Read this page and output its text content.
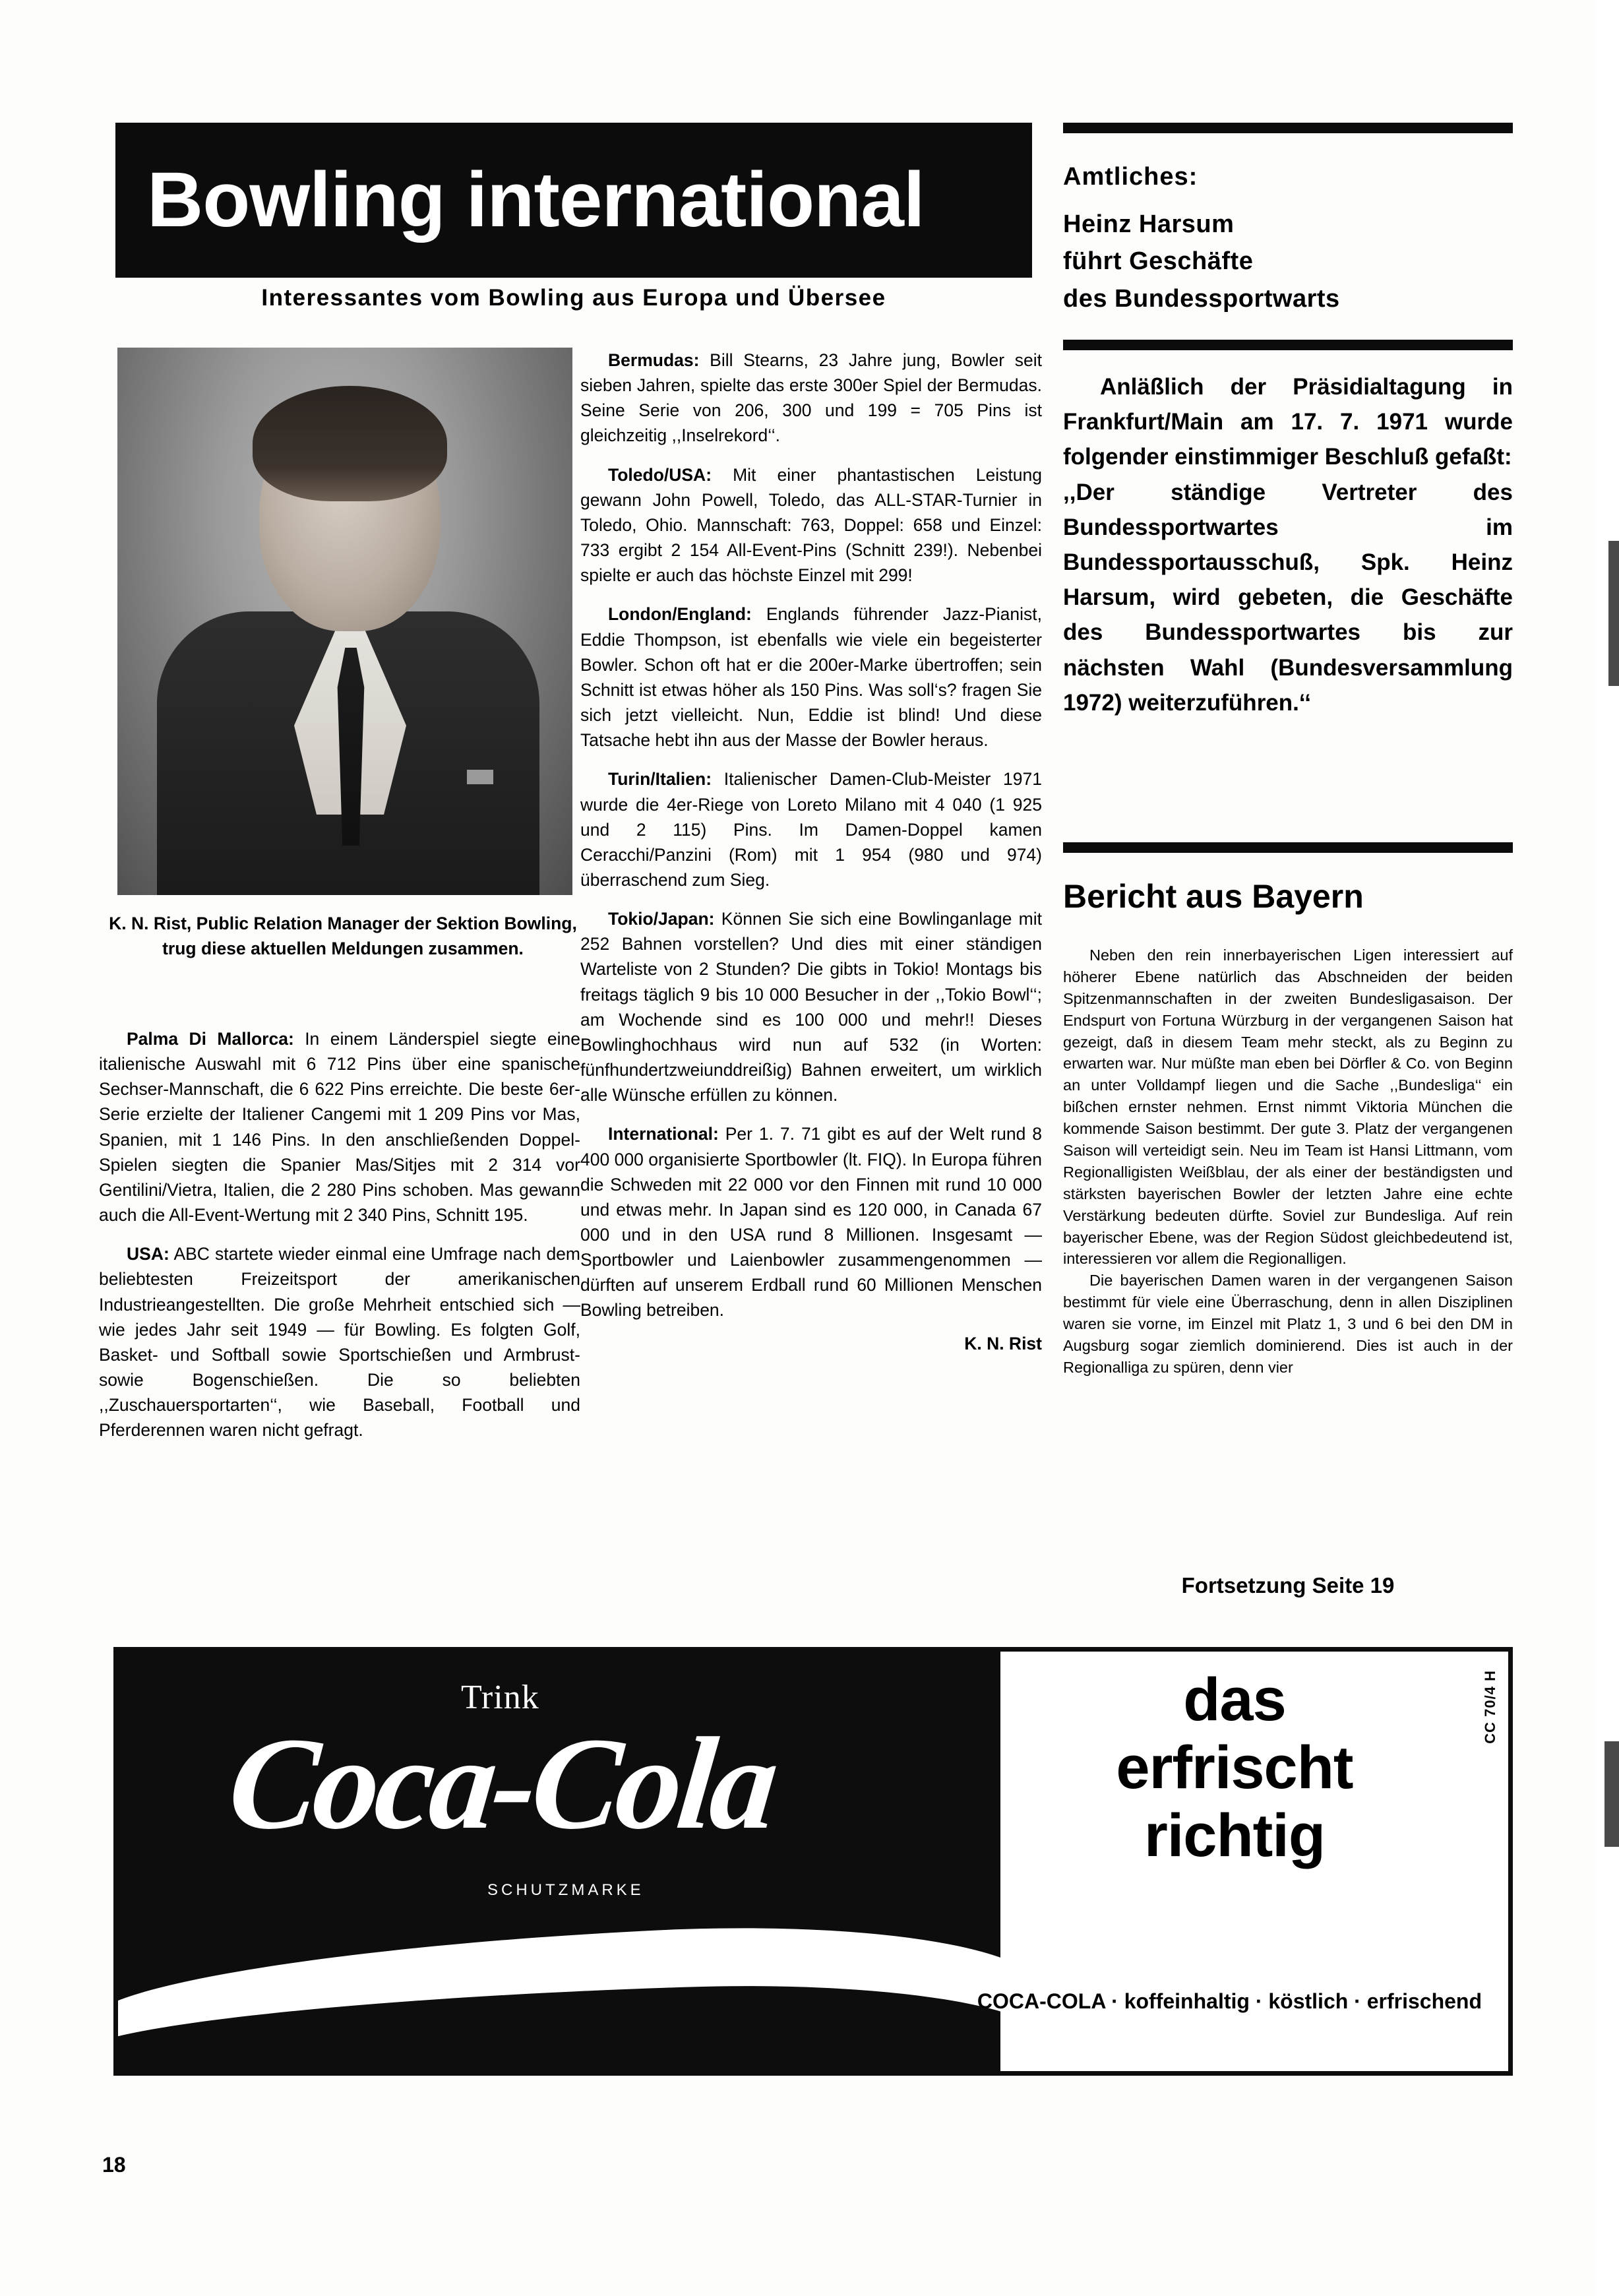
Bowling international
Interessantes vom Bowling aus Europa und Übersee
K. N. Rist, Public Relation Manager der Sektion Bowling, trug diese aktuellen Meldungen zusammen.

Palma Di Mallorca: In einem Länderspiel siegte eine italienische Auswahl mit 6 712 Pins über eine spanische Sechser-Mannschaft, die 6 622 Pins erreichte. Die beste 6er-Serie erzielte der Italiener Cangemi mit 1 209 Pins vor Mas, Spanien, mit 1 146 Pins. In den anschließenden Doppel-Spielen siegten die Spanier Mas/Sitjes mit 2 314 vor Gentilini/Vietra, Italien, die 2 280 Pins schoben. Mas gewann auch die All-Event-Wertung mit 2 340 Pins, Schnitt 195.

USA: ABC startete wieder einmal eine Umfrage nach dem beliebtesten Freizeitsport der amerikanischen Industrieangestellten. Die große Mehrheit entschied sich — wie jedes Jahr seit 1949 — für Bowling. Es folgten Golf, Basket- und Softball sowie Sportschießen und Armbrust- sowie Bogenschießen. Die so beliebten ,,Zuschauersportarten‘‘, wie Baseball, Football und Pferderennen waren nicht gefragt.

Bermudas: Bill Stearns, 23 Jahre jung, Bowler seit sieben Jahren, spielte das erste 300er Spiel der Bermudas. Seine Serie von 206, 300 und 199 = 705 Pins ist gleichzeitig ,,Inselrekord‘‘.

Toledo/USA: Mit einer phantastischen Leistung gewann John Powell, Toledo, das ALL-STAR-Turnier in Toledo, Ohio. Mannschaft: 763, Doppel: 658 und Einzel: 733 ergibt 2 154 All-Event-Pins (Schnitt 239!). Nebenbei spielte er auch das höchste Einzel mit 299!

London/England: Englands führender Jazz-Pianist, Eddie Thompson, ist ebenfalls wie viele ein begeisterter Bowler. Schon oft hat er die 200er-Marke übertroffen; sein Schnitt ist etwas höher als 150 Pins. Was soll‘s? fragen Sie sich jetzt vielleicht. Nun, Eddie ist blind! Und diese Tatsache hebt ihn aus der Masse der Bowler heraus.

Turin/Italien: Italienischer Damen-Club-Meister 1971 wurde die 4er-Riege von Loreto Milano mit 4 040 (1 925 und 2 115) Pins. Im Damen-Doppel kamen Ceracchi/Panzini (Rom) mit 1 954 (980 und 974) überraschend zum Sieg.

Tokio/Japan: Können Sie sich eine Bowlinganlage mit 252 Bahnen vorstellen? Und dies mit einer ständigen Warteliste von 2 Stunden? Die gibts in Tokio! Montags bis freitags täglich 9 bis 10 000 Besucher in der ,,Tokio Bowl‘‘; am Wochende sind es 100 000 und mehr!! Dieses Bowlinghochhaus wird nun auf 532 (in Worten: fünfhundertzweiunddreißig) Bahnen erweitert, um wirklich alle Wünsche erfüllen zu können.

International: Per 1. 7. 71 gibt es auf der Welt rund 8 400 000 organisierte Sportbowler (lt. FIQ). In Europa führen die Schweden mit 22 000 vor den Finnen mit rund 10 000 und etwas mehr. In Japan sind es 120 000, in Canada 67 000 und in den USA rund 8 Millionen. Insgesamt — Sportbowler und Laienbowler zusammengenommen — dürften auf unserem Erdball rund 60 Millionen Menschen Bowling betreiben.

K. N. Rist
Amtliches:
Heinz Harsum
führt Geschäfte
des Bundessportwarts

Anläßlich der Präsidialtagung in Frankfurt/Main am 17. 7. 1971 wurde folgender einstimmiger Beschluß gefaßt:

,,Der ständige Vertreter des Bundessportwartes im Bundessportausschuß, Spk. Heinz Harsum, wird gebeten, die Geschäfte des Bundessportwartes bis zur nächsten Wahl (Bundesversammlung 1972) weiterzuführen.‘‘

Bericht aus Bayern

Neben den rein innerbayerischen Ligen interessiert auf höherer Ebene natürlich das Abschneiden der beiden Spitzenmannschaften in der zweiten Bundesligasaison. Der Endspurt von Fortuna Würzburg in der vergangenen Saison hat gezeigt, daß in diesem Team mehr steckt, als zu Beginn zu erwarten war. Nur müßte man eben bei Dörfler & Co. von Beginn an unter Volldampf liegen und die Sache ,,Bundesliga‘‘ ein bißchen ernster nehmen. Ernst nimmt Viktoria München die kommende Saison bestimmt. Der gute 3. Platz der vergangenen Saison will verteidigt sein. Neu im Team ist Hansi Littmann, vom Regionalligisten Weißblau, der als einer der beständigsten und stärksten bayerischen Bowler der letzten Jahre eine echte Verstärkung bedeuten dürfte. Soviel zur Bundesliga. Auf rein bayerischer Ebene, was der Region Südost gleichbedeutend ist, interessieren vor allem die Regionalligen.

Die bayerischen Damen waren in der vergangenen Saison bestimmt für viele eine Überraschung, denn in allen Disziplinen waren sie vorne, im Einzel mit Platz 1, 3 und 6 bei den DM in Augsburg sogar ziemlich dominierend. Dies ist auch in der Regionalliga zu spüren, denn vier

Fortsetzung Seite 19
Trink
Coca-Cola
SCHUTZMARKE
das
erfrischt
richtig
COCA-COLA · koffeinhaltig · köstlich · erfrischend
CC 70/4 H
18
